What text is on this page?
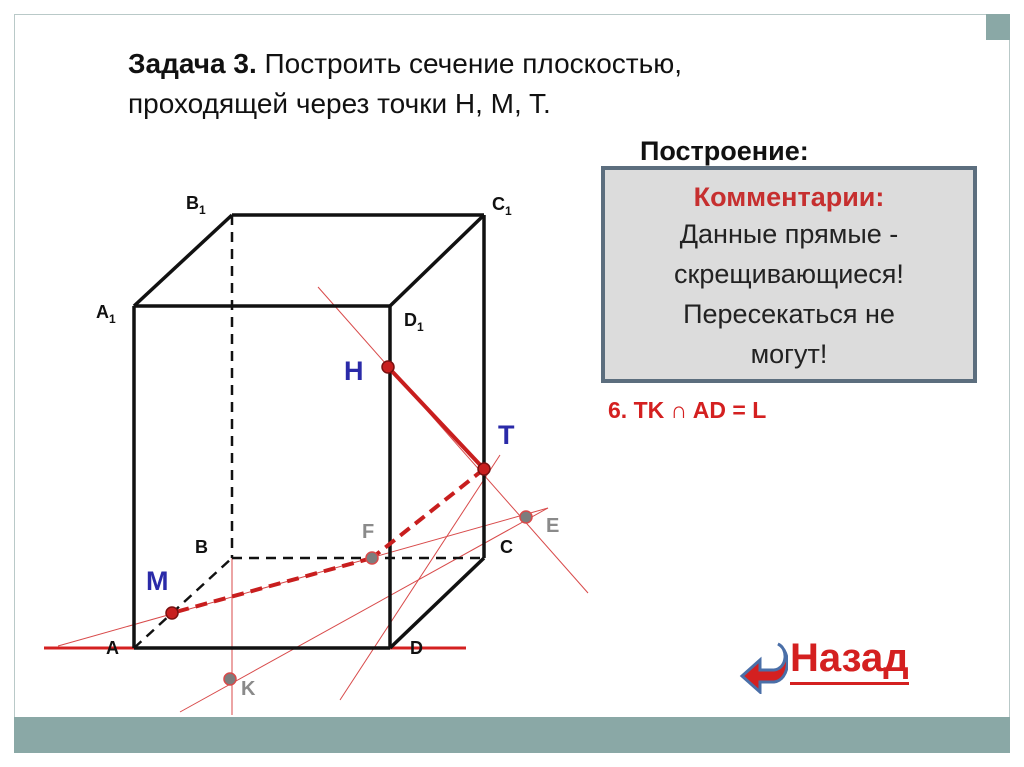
Задача 3. Построить сечение плоскостью,
проходящей через точки H, M, T.
Построение:
$B_1$	$C_1$
$A_1$	$D_1$
B	C
A	D
H
T
M
F	E
K
Комментарии:
Данные прямые -
скрещивающиеся!
Пересекаться не
могут!
6. TK ∩ AD = L
Назад
